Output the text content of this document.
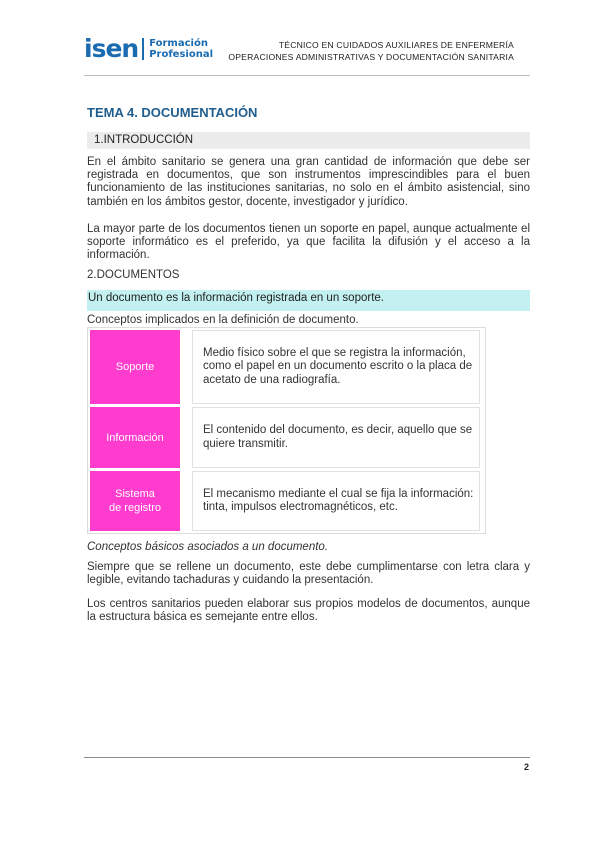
isen Formación
Profesional
TÉCNICO EN CUIDADOS AUXILIARES DE ENFERMERÍA
OPERACIONES ADMINISTRATIVAS Y DOCUMENTACIÓN SANITARIA
TEMA 4. DOCUMENTACIÓN
1.INTRODUCCIÓN
En el ámbito sanitario se genera una gran cantidad de información que debe ser registrada en documentos, que son instrumentos imprescindibles para el buen funcionamiento de las instituciones sanitarias, no solo en el ámbito asistencial, sino también en los ámbitos gestor, docente, investigador y jurídico.
La mayor parte de los documentos tienen un soporte en papel, aunque actualmente el soporte informático es el preferido, ya que facilita la difusión y el acceso a la información.
2.DOCUMENTOS
Un documento es la información registrada en un soporte.
Conceptos implicados en la definición de documento.
Soporte
Medio físico sobre el que se registra la información, como el papel en un documento escrito o la placa de acetato de una radiografía.
Información
El contenido del documento, es decir, aquello que se quiere transmitir.
Sistema de registro
El mecanismo mediante el cual se fija la información: tinta, impulsos electromagnéticos, etc.
Conceptos básicos asociados a un documento.
Siempre que se rellene un documento, este debe cumplimentarse con letra clara y legible, evitando tachaduras y cuidando la presentación.
Los centros sanitarios pueden elaborar sus propios modelos de documentos, aunque la estructura básica es semejante entre ellos.
2
